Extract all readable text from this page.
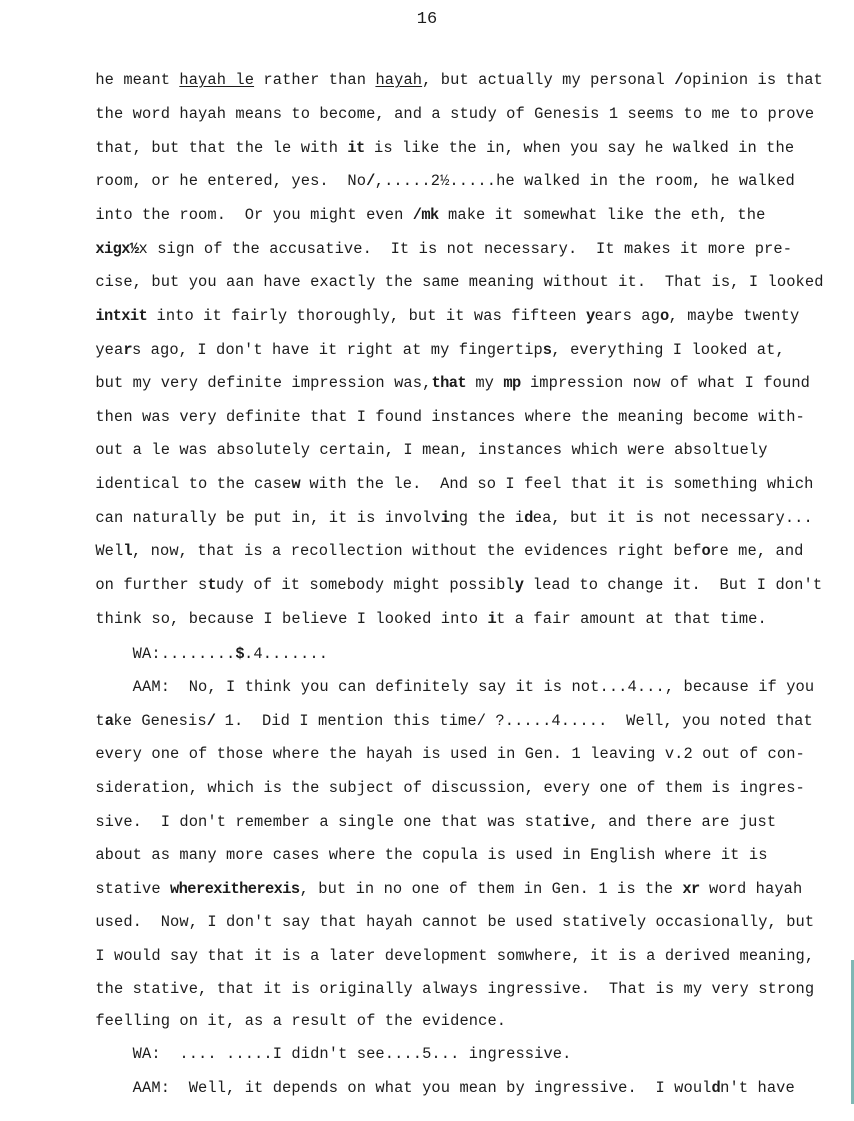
16

he meant hayah le rather than hayah, but actually my personal /opinion is that

the word hayah means to become, and a study of Genesis 1 seems to me to prove

that, but that the le with it is like the in, when you say he walked in the

room, or he entered, yes.  No/,.....2½.....he walked in the room, he walked

into the room.  Or you might even /mk make it somewhat like the eth, the

xigx½x sign of the accusative.  It is not necessary.  It makes it more pre-

cise, but you aan have exactly the same meaning without it.  That is, I looked

intxit into it fairly thoroughly, but it was fifteen years ago, maybe twenty

years ago, I don't have it right at my fingertips, everything I looked at,

but my very definite impression was,that my mp impression now of what I found

then was very definite that I found instances where the meaning become with-

out a le was absolutely certain, I mean, instances which were absoltuely

identical to the casew with the le.  And so I feel that it is something which

can naturally be put in, it is involving the idea, but it is not necessary...

Well, now, that is a recollection without the evidences right before me, and

on further study of it somebody might possibly lead to change it.  But I don't

think so, because I believe I looked into it a fair amount at that time.

WA:........$.4.......

AAM:  No, I think you can definitely say it is not...4..., because if you

take Genesis/ 1.  Did I mention this time/ ?.....4.....  Well, you noted that

every one of those where the hayah is used in Gen. 1 leaving v.2 out of con-

sideration, which is the subject of discussion, every one of them is ingres-

sive.  I don't remember a single one that was stative, and there are just

about as many more cases where the copula is used in English where it is

stative wherexitherexis, but in no one of them in Gen. 1 is the xr word hayah

used.  Now, I don't say that hayah cannot be used statively occasionally, but

I would say that it is a later development somwhere, it is a derived meaning,

the stative, that it is originally always ingressive.  That is my very strong

feelling on it, as a result of the evidence.

WA:  .... .....I didn't see....5... ingressive.

AAM:  Well, it depends on what you mean by ingressive.  I wouldn't have
